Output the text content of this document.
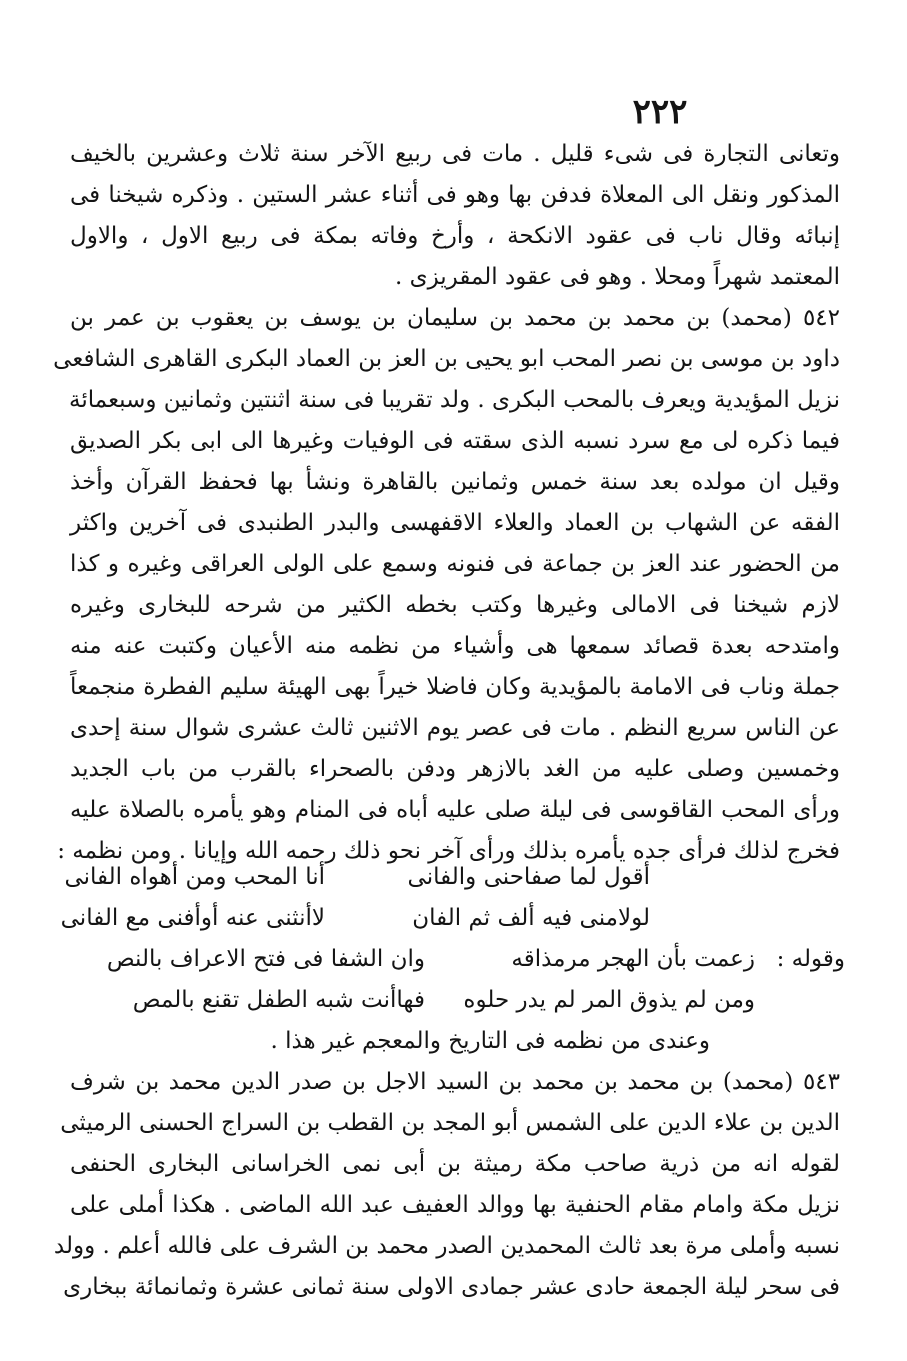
٢٢٢
وتعانى التجارة فى شىء قليل . مات فى ربيع الآخر سنة ثلاث وعشرين بالخيف
المذكور ونقل الى المعلاة فدفن بها وهو فى أثناء عشر الستين . وذكره شيخنا فى
إنبائه وقال ناب فى عقود الانكحة ، وأرخ وفاته بمكة فى ربيع الاول ، والاول
المعتمد شهراً ومحلا . وهو فى عقود المقريزى .
٥٤٢ (محمد) بن محمد بن محمد بن سليمان بن يوسف بن يعقوب بن عمر بن
داود بن موسى بن نصر المحب ابو يحيى بن العز بن العماد البكرى القاهرى الشافعى
نزيل المؤيدية ويعرف بالمحب البكرى . ولد تقريبا فى سنة اثنتين وثمانين وسبعمائة
فيما ذكره لى مع سرد نسبه الذى سقته فى الوفيات وغيرها الى ابى بكر الصديق
وقيل ان مولده بعد سنة خمس وثمانين بالقاهرة ونشأ بها فحفظ القرآن وأخذ
الفقه عن الشهاب بن العماد والعلاء الاقفهسى والبدر الطنبدى فى آخرين واكثر
من الحضور عند العز بن جماعة فى فنونه وسمع على الولى العراقى وغيره و كذا
لازم شيخنا فى الامالى وغيرها وكتب بخطه الكثير من شرحه للبخارى وغيره
وامتدحه بعدة قصائد سمعها هى وأشياء من نظمه منه الأعيان وكتبت عنه منه
جملة وناب فى الامامة بالمؤيدية وكان فاضلا خيراً بهى الهيئة سليم الفطرة منجمعاً
عن الناس سريع النظم . مات فى عصر يوم الاثنين ثالث عشرى شوال سنة إحدى
وخمسين وصلى عليه من الغد بالازهر ودفن بالصحراء بالقرب من باب الجديد
ورأى المحب القاقوسى فى ليلة صلى عليه أباه فى المنام وهو يأمره بالصلاة عليه
فخرج لذلك فرأى جده يأمره بذلك ورأى آخر نحو ذلك رحمه الله وإيانا . ومن نظمه :
أقول لما صفاحنى والفانى
أنا المحب ومن أهواه الفانى
لولامنى فيه ألف ثم الفان
لاأنثنى عنه أوأفنى مع الفانى
وقوله :
زعمت بأن الهجر مرمذاقه
وان الشفا فى فتح الاعراف بالنص
ومن لم يذوق المر لم يدر حلوه
فهاأنت شبه الطفل تقنع بالمص
وعندى من نظمه فى التاريخ والمعجم غير هذا .
٥٤٣ (محمد) بن محمد بن محمد بن السيد الاجل بن صدر الدين محمد بن شرف
الدين بن علاء الدين على الشمس أبو المجد بن القطب بن السراج الحسنى الرميثى
لقوله انه من ذرية صاحب مكة رميثة بن أبى نمى الخراسانى البخارى الحنفى
نزيل مكة وامام مقام الحنفية بها ووالد العفيف عبد الله الماضى . هكذا أملى على
نسبه وأملى مرة بعد ثالث المحمدين الصدر محمد بن الشرف على فالله أعلم . وولد
فى سحر ليلة الجمعة حادى عشر جمادى الاولى سنة ثمانى عشرة وثمانمائة ببخارى
